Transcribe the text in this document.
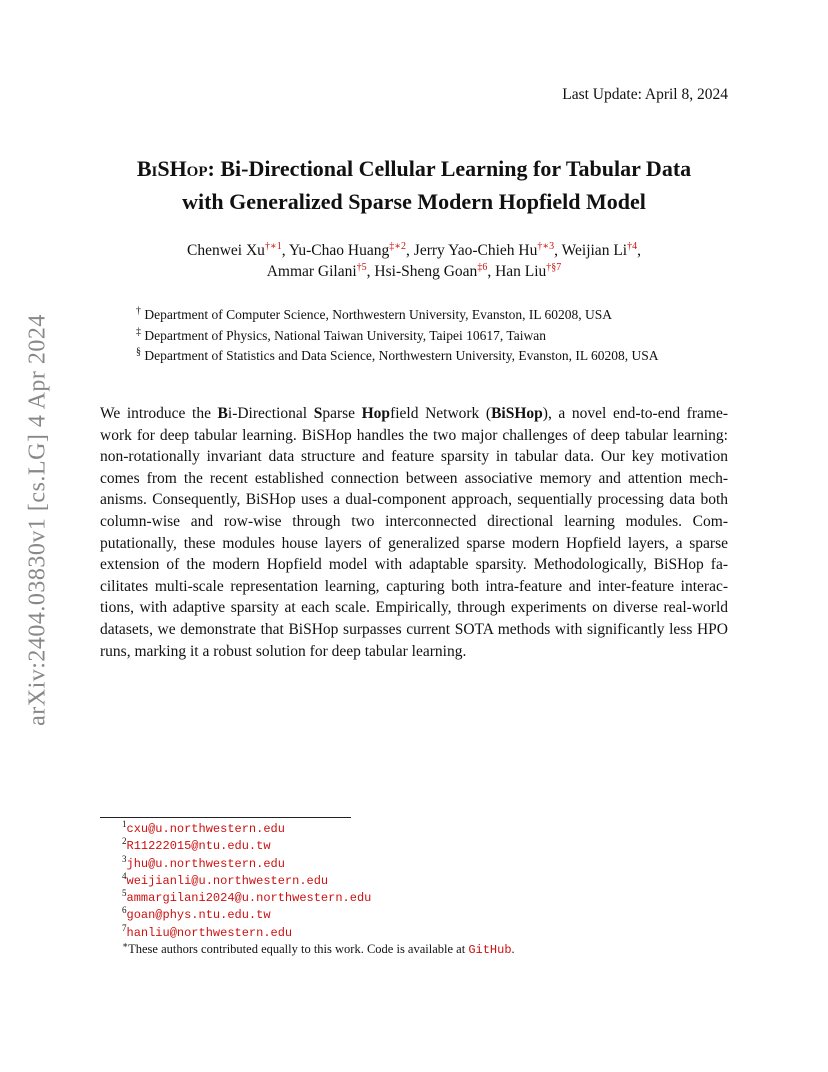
Last Update: April 8, 2024
arXiv:2404.03830v1 [cs.LG] 4 Apr 2024
BiSHop: Bi-Directional Cellular Learning for Tabular Data
with Generalized Sparse Modern Hopfield Model
Chenwei $Xu^{\dagger∗1}$, Yu-Chao Huang$^{\ddagger∗2}$, Jerry Yao-Chieh $Hu^{\dagger∗3}$, Weijian Li$^{\dagger 4}$,
Ammar Gilani$^{\dagger 5}$, Hsi-Sheng Goan$^{\ddagger 6}$, Han Liu$^{\dagger\S 7}$
† Department of Computer Science, Northwestern University, Evanston, IL 60208, USA
‡ Department of Physics, National Taiwan University, Taipei 10617, Taiwan
§ Department of Statistics and Data Science, Northwestern University, Evanston, IL 60208, USA
We introduce the Bi-Directional Sparse Hopfield Network (BiSHop), a novel end-to-end frame-work for deep tabular learning. BiSHop handles the two major challenges of deep tabular learning: non-rotationally invariant data structure and feature sparsity in tabular data. Our key motivation comes from the recent established connection between associative memory and attention mech-anisms. Consequently, BiSHop uses a dual-component approach, sequentially processing data both column-wise and row-wise through two interconnected directional learning modules. Com-putationally, these modules house layers of generalized sparse modern Hopfield layers, a sparse extension of the modern Hopfield model with adaptable sparsity. Methodologically, BiSHop fa-cilitates multi-scale representation learning, capturing both intra-feature and inter-feature interac-tions, with adaptive sparsity at each scale. Empirically, through experiments on diverse real-world datasets, we demonstrate that BiSHop surpasses current SOTA methods with significantly less HPO runs, marking it a robust solution for deep tabular learning.
$^1$cxu@u.northwestern.edu
$^2$R11222015@ntu.edu.tw
$^3$jhu@u.northwestern.edu
$^4$weijianli@u.northwestern.edu
$^5$ammargilani2024@u.northwestern.edu
$^6$goan@phys.ntu.edu.tw
$^7$hanliu@northwestern.edu
∗These authors contributed equally to this work. Code is available at GitHub.
